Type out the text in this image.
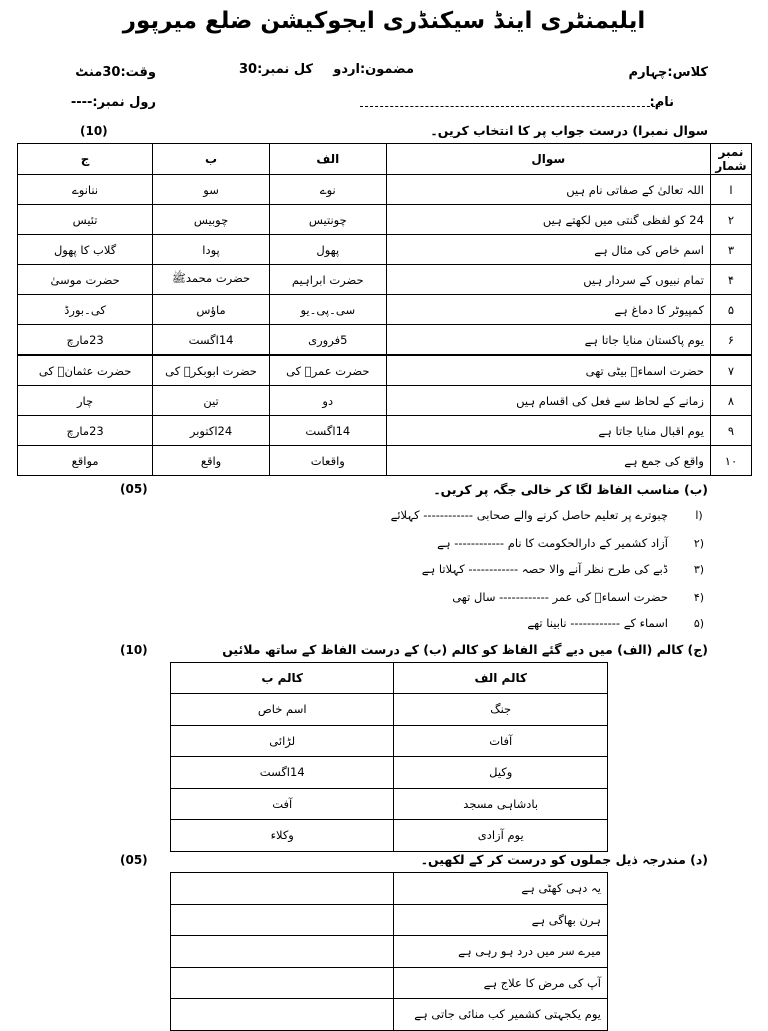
ایلیمنٹری اینڈ سیکنڈری ایجوکیشن ضلع میرپور
کلاس:چہارم
مضمون:اردو
کل نمبر:30
وقت:30منٹ
نام:
رول نمبر:----
سوال نمبرا) درست جواب پر کا انتخاب کریں۔
(10)
نمبر شمار	سوال	الف	ب	ج
ا	اللہ تعالیٰ کے صفاتی نام ہیں	نوے	سو	ننانوے
۲	24 کو لفظی گنتی میں لکھتے ہیں	چونتیس	چوبیس	تئیس
۳	اسم خاص کی مثال ہے	پھول	پودا	گلاب کا پھول
۴	تمام نبیوں کے سردار ہیں	حضرت ابراہیم	حضرت محمدﷺ	حضرت موسیٰ
۵	کمپیوٹر کا دماغ ہے	سی۔پی۔یو	ماؤس	کی۔بورڈ
۶	یوم پاکستان منایا جاتا ہے	5فروری	14اگست	23مارچ
۷	حضرت اسماءؓ بیٹی تھی	حضرت عمرؓ کی	حضرت ابوبکرؓ کی	حضرت عثمانؓ کی
۸	زمانے کے لحاظ سے فعل کی اقسام ہیں	دو	تین	چار
۹	یوم اقبال منایا جاتا ہے	14اگست	24اکتوبر	23مارچ
۱۰	واقع کی جمع ہے	واقعات	واقع	مواقع
(ب) مناسب الفاظ لگا کر خالی جگہ پر کریں۔
(05)
ا)
چبوترے پر تعلیم حاصل کرنے والے صحابی ------------ کہلائے
۲)
آزاد کشمیر کے دارالحکومت کا نام ------------ ہے
۳)
ڈبے کی طرح نظر آنے والا حصہ ------------ کہلاتا ہے
۴)
حضرت اسماءؓ کی عمر ------------ سال تھی
۵)
اسماء کے ------------ نابینا تھے
(ج) کالم (الف) میں دیے گئے الفاظ کو کالم (ب) کے درست الفاظ کے ساتھ ملائیں
(10)
کالم الف	کالم ب
جنگ	اسم خاص
آفات	لڑائی
وکیل	14اگست
بادشاہی مسجد	آفت
یوم آزادی	وکلاء
(د) مندرجہ ذیل جملوں کو درست کر کے لکھیں۔
(05)
یہ دہی کھٹی ہے	
ہرن بھاگی ہے	
میرے سر میں درد ہو رہی ہے	
آپ کی مرض کا علاج ہے	
یوم یکجہتی کشمیر کب منائی جاتی ہے	
